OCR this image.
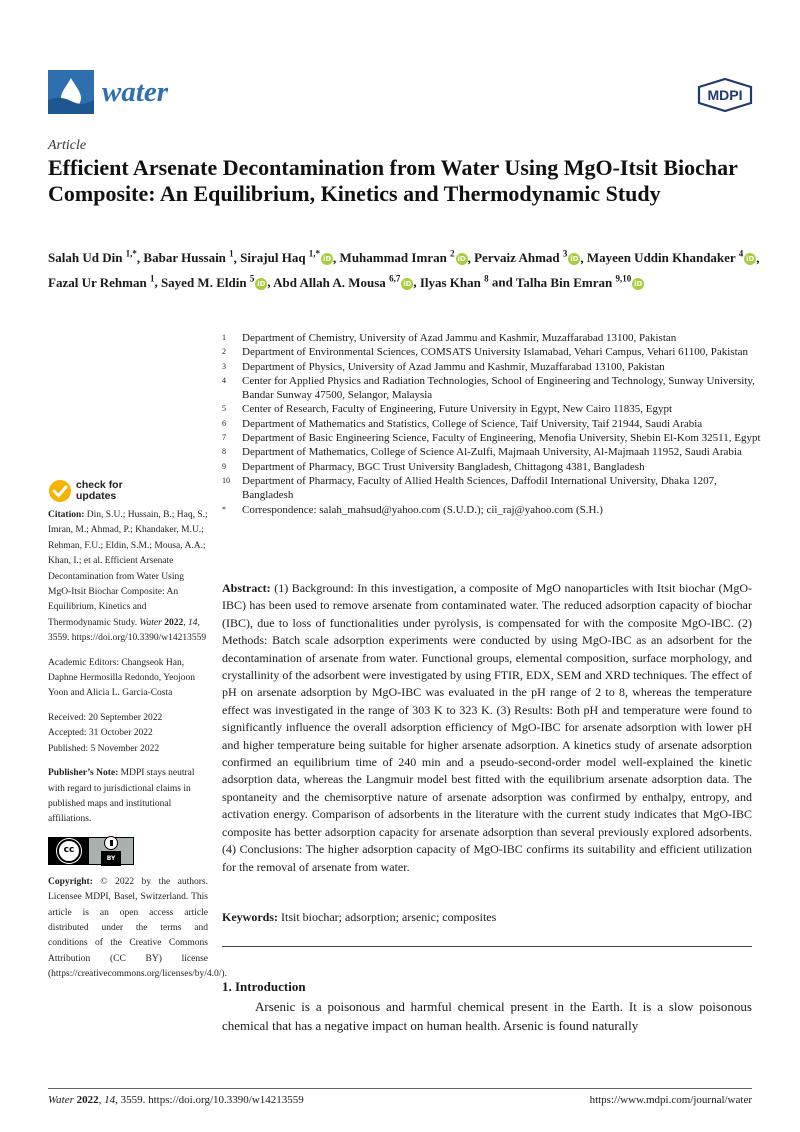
water	MDPI
Article
Efficient Arsenate Decontamination from Water Using MgO-Itsit Biochar Composite: An Equilibrium, Kinetics and Thermodynamic Study
Salah Ud Din $^{1,*}$, Babar Hussain $^1$, Sirajul Haq $^{1,*}$iD , Muhammad Imran $^2$iD , Pervaiz Ahmad $^3$iD , Mayeen Uddin Khandaker $^4$iD , Fazal Ur Rehman $^1$, Sayed M. Eldin $^5$iD , Abd Allah A. Mousa $^{6,7}$iD , Ilyas Khan $^8$ and Talha Bin Emran $^{9,10}$iD
1	Department of Chemistry, University of Azad Jammu and Kashmir, Muzaffarabad 13100, Pakistan
2	Department of Environmental Sciences, COMSATS University Islamabad, Vehari Campus, Vehari 61100, Pakistan
3	Department of Physics, University of Azad Jammu and Kashmir, Muzaffarabad 13100, Pakistan
4	Center for Applied Physics and Radiation Technologies, School of Engineering and Technology, Sunway University, Bandar Sunway 47500, Selangor, Malaysia
5	Center of Research, Faculty of Engineering, Future University in Egypt, New Cairo 11835, Egypt
6	Department of Mathematics and Statistics, College of Science, Taif University, Taif 21944, Saudi Arabia
7	Department of Basic Engineering Science, Faculty of Engineering, Menofia University, Shebin El-Kom 32511, Egypt
8	Department of Mathematics, College of Science Al-Zulfi, Majmaah University, Al-Majmaah 11952, Saudi Arabia
9	Department of Pharmacy, BGC Trust University Bangladesh, Chittagong 4381, Bangladesh
10	Department of Pharmacy, Faculty of Allied Health Sciences, Daffodil International University, Dhaka 1207, Bangladesh
*	Correspondence: salah_mahsud@yahoo.com (S.U.D.); cii_raj@yahoo.com (S.H.)
check for
updates

Citation: Din, S.U.; Hussain, B.; Haq, S.; Imran, M.; Ahmad, P.; Khandaker, M.U.; Rehman, F.U.; Eldin, S.M.; Mousa, A.A.; Khan, I.; et al. Efficient Arsenate Decontamination from Water Using MgO-Itsit Biochar Composite: An Equilibrium, Kinetics and Thermodynamic Study. Water 2022, 14, 3559. https://doi.org/10.3390/w14213559

Academic Editors: Changseok Han, Daphne Hermosilla Redondo, Yeojoon Yoon and Alicia L. Garcia-Costa

Received: 20 September 2022
Accepted: 31 October 2022
Published: 5 November 2022

Publisher’s Note: MDPI stays neutral with regard to jurisdictional claims in published maps and institutional affiliations.

cc
BY

Copyright: © 2022 by the authors. Licensee MDPI, Basel, Switzerland. This article is an open access article distributed under the terms and conditions of the Creative Commons Attribution (CC BY) license (https://creativecommons.org/licenses/by/4.0/).

Abstract: (1) Background: In this investigation, a composite of MgO nanoparticles with Itsit biochar (MgO-IBC) has been used to remove arsenate from contaminated water. The reduced adsorption capacity of biochar (IBC), due to loss of functionalities under pyrolysis, is compensated for with the composite MgO-IBC. (2) Methods: Batch scale adsorption experiments were conducted by using MgO-IBC as an adsorbent for the decontamination of arsenate from water. Functional groups, elemental composition, surface morphology, and crystallinity of the adsorbent were investigated by using FTIR, EDX, SEM and XRD techniques. The effect of pH on arsenate adsorption by MgO-IBC was evaluated in the pH range of 2 to 8, whereas the temperature effect was investigated in the range of 303 K to 323 K. (3) Results: Both pH and temperature were found to significantly influence the overall adsorption efficiency of MgO-IBC for arsenate adsorption with lower pH and higher temperature being suitable for higher arsenate adsorption. A kinetics study of arsenate adsorption confirmed an equilibrium time of 240 min and a pseudo-second-order model well-explained the kinetic adsorption data, whereas the Langmuir model best fitted with the equilibrium arsenate adsorption data. The spontaneity and the chemisorptive nature of arsenate adsorption was confirmed by enthalpy, entropy, and activation energy. Comparison of adsorbents in the literature with the current study indicates that MgO-IBC composite has better adsorption capacity for arsenate adsorption than several previously explored adsorbents. (4) Conclusions: The higher adsorption capacity of MgO-IBC confirms its suitability and efficient utilization for the removal of arsenate from water.
Keywords: Itsit biochar; adsorption; arsenic; composites
1. Introduction
Arsenic is a poisonous and harmful chemical present in the Earth. It is a slow poisonous chemical that has a negative impact on human health. Arsenic is found naturally
Water 2022, 14, 3559. https://doi.org/10.3390/w14213559	https://www.mdpi.com/journal/water
